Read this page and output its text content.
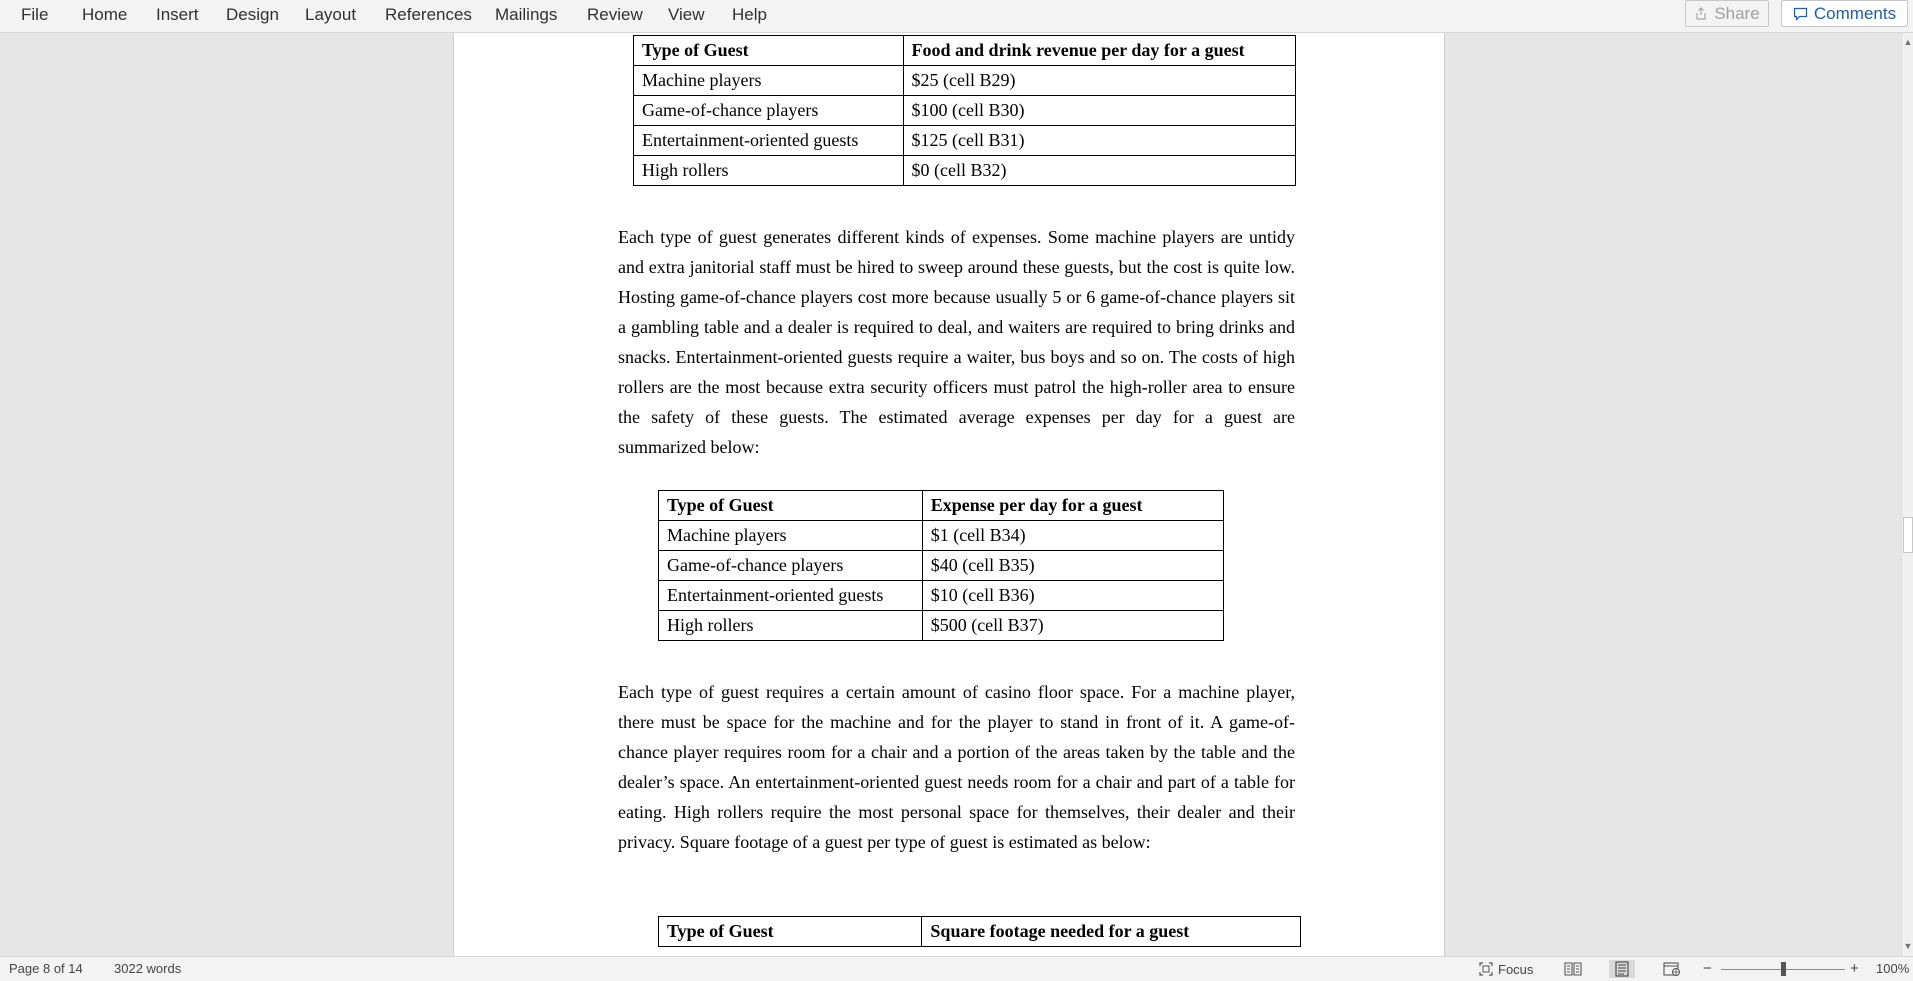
File Home Insert Design Layout References Mailings Review View Help	Share	Comments
Type of Guest	Food and drink revenue per day for a guest
Machine players	$25 (cell B29)
Game-of-chance players	$100 (cell B30)
Entertainment-oriented guests	$125 (cell B31)
High rollers	$0 (cell B32)

Each type of guest generates different kinds of expenses. Some machine players are untidy and extra janitorial staff must be hired to sweep around these guests, but the cost is quite low. Hosting game-of-chance players cost more because usually 5 or 6 game-of-chance players sit a gambling table and a dealer is required to deal, and waiters are required to bring drinks and snacks. Entertainment-oriented guests require a waiter, bus boys and so on. The costs of high rollers are the most because extra security officers must patrol the high-roller area to ensure the safety of these guests. The estimated average expenses per day for a guest are summarized below:

Type of Guest	Expense per day for a guest
Machine players	$1 (cell B34)
Game-of-chance players	$40 (cell B35)
Entertainment-oriented guests	$10 (cell B36)
High rollers	$500 (cell B37)

Each type of guest requires a certain amount of casino floor space. For a machine player, there must be space for the machine and for the player to stand in front of it. A game-of-chance player requires room for a chair and a portion of the areas taken by the table and the dealer’s space. An entertainment-oriented guest needs room for a chair and part of a table for eating. High rollers require the most personal space for themselves, their dealer and their privacy. Square footage of a guest per type of guest is estimated as below:

Type of Guest	Square footage needed for a guest
▲
▼
Page 8 of 14 3022 words	Focus	−	+ 100%
